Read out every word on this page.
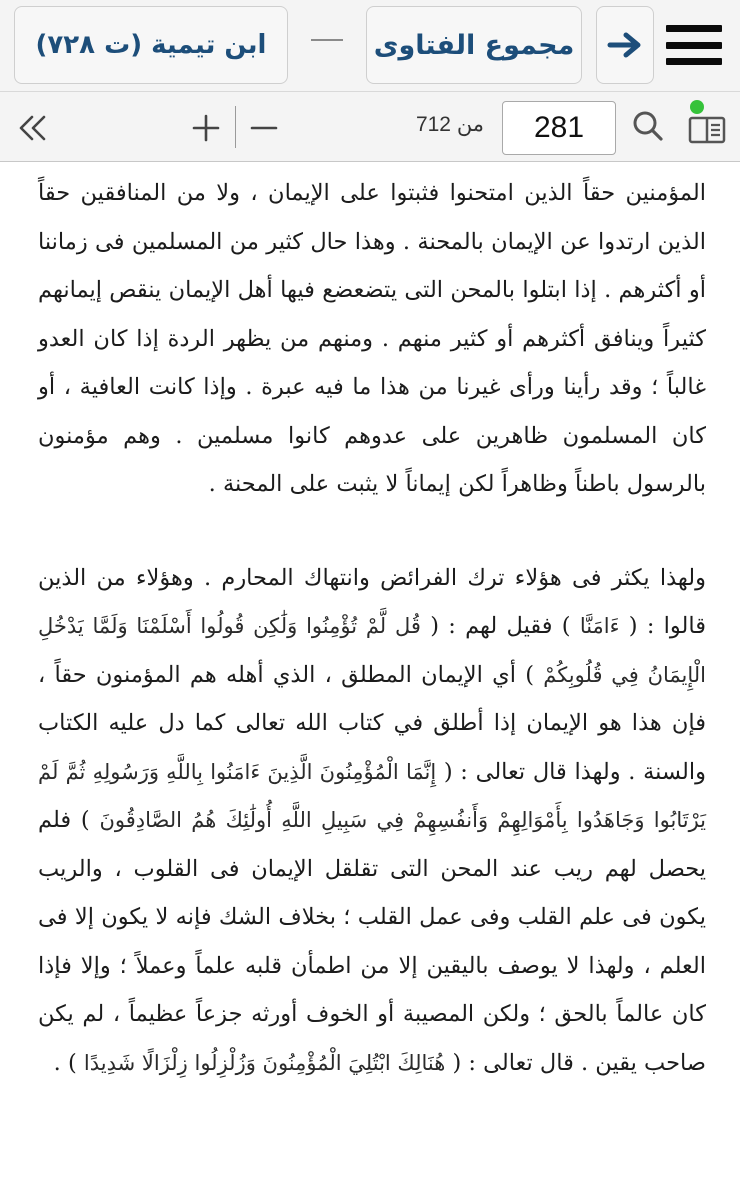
مجموع الفتاوى
ابن تيمية (ت ٧٢٨)
281
من 712

المؤمنين حقاً الذين امتحنوا فثبتوا على الإيمان ، ولا من المنافقين حقاً الذين ارتدوا عن الإيمان بالمحنة . وهذا حال كثير من المسلمين فى زماننا أو أكثرهم . إذا ابتلوا بالمحن التى يتضعضع فيها أهل الإيمان ينقص إيمانهم كثيراً وينافق أكثرهم أو كثير منهم . ومنهم من يظهر الردة إذا كان العدو غالباً ؛ وقد رأينا ورأى غيرنا من هذا ما فيه عبرة . وإذا كانت العافية ، أو كان المسلمون ظاهرين على عدوهم كانوا مسلمين . وهم مؤمنون بالرسول باطناً وظاهراً لكن إيماناً لا يثبت على المحنة .

ولهذا يكثر فى هؤلاء ترك الفرائض وانتهاك المحارم . وهؤلاء من الذين قالوا : ( ءَامَنَّا ) فقيل لهم : ( قُل لَّمْ تُؤْمِنُوا وَلَٰكِن قُولُوا أَسْلَمْنَا وَلَمَّا يَدْخُلِ الْإِيمَانُ فِي قُلُوبِكُمْ ) أي الإيمان المطلق ، الذي أهله هم المؤمنون حقاً ، فإن هذا هو الإيمان إذا أطلق في كتاب الله تعالى كما دل عليه الكتاب والسنة . ولهذا قال تعالى : ( إِنَّمَا الْمُؤْمِنُونَ الَّذِينَ ءَامَنُوا بِاللَّهِ وَرَسُولِهِ ثُمَّ لَمْ يَرْتَابُوا وَجَاهَدُوا بِأَمْوَالِهِمْ وَأَنفُسِهِمْ فِي سَبِيلِ اللَّهِ أُولَٰئِكَ هُمُ الصَّادِقُونَ ) فلم يحصل لهم ريب عند المحن التى تقلقل الإيمان فى القلوب ، والريب يكون فى علم القلب وفى عمل القلب ؛ بخلاف الشك فإنه لا يكون إلا فى العلم ، ولهذا لا يوصف باليقين إلا من اطمأن قلبه علماً وعملاً ؛ وإلا فإذا كان عالماً بالحق ؛ ولكن المصيبة أو الخوف أورثه جزعاً عظيماً ، لم يكن صاحب يقين . قال تعالى : ( هُنَالِكَ ابْتُلِيَ الْمُؤْمِنُونَ وَزُلْزِلُوا زِلْزَالًا شَدِيدًا ) .
